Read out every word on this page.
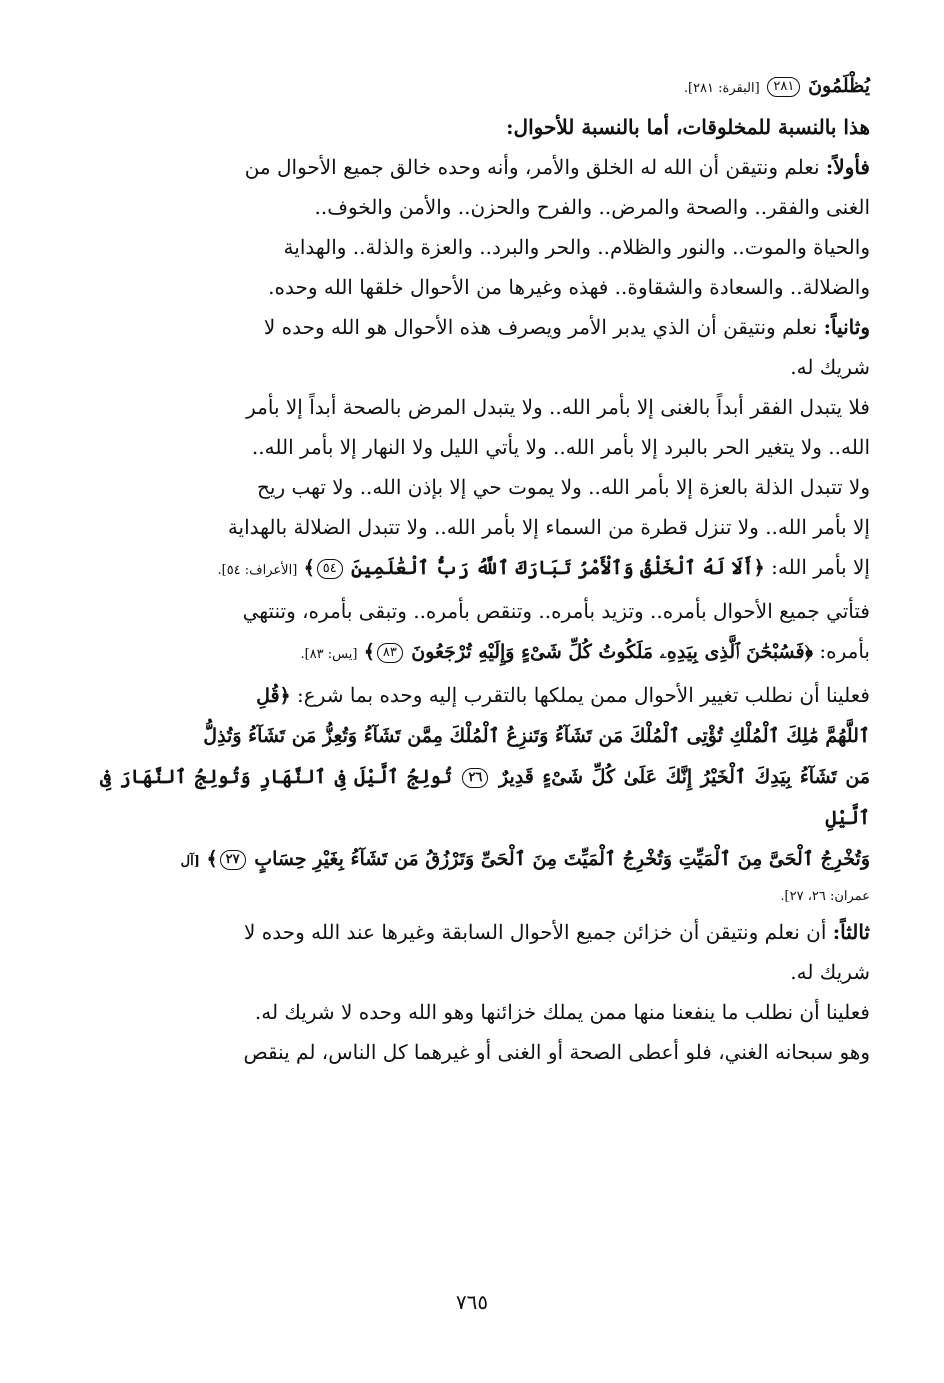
يُظْلَمُونَ ٢٨١ [البقرة: ٢٨١].
هذا بالنسبة للمخلوقات، أما بالنسبة للأحوال:
فأولاً: نعلم ونتيقن أن الله له الخلق والأمر، وأنه وحده خالق جميع الأحوال من
الغنى والفقر.. والصحة والمرض.. والفرح والحزن.. والأمن والخوف..
والحياة والموت.. والنور والظلام.. والحر والبرد.. والعزة والذلة.. والهداية
والضلالة.. والسعادة والشقاوة.. فهذه وغيرها من الأحوال خلقها الله وحده.
وثانياً: نعلم ونتيقن أن الذي يدبر الأمر ويصرف هذه الأحوال هو الله وحده لا
شريك له.
فلا يتبدل الفقر أبداً بالغنى إلا بأمر الله.. ولا يتبدل المرض بالصحة أبداً إلا بأمر
الله.. ولا يتغير الحر بالبرد إلا بأمر الله.. ولا يأتي الليل ولا النهار إلا بأمر الله..
ولا تتبدل الذلة بالعزة إلا بأمر الله.. ولا يموت حي إلا بإذن الله.. ولا تهب ريح
إلا بأمر الله.. ولا تنزل قطرة من السماء إلا بأمر الله.. ولا تتبدل الضلالة بالهداية
إلا بأمر الله: ﴿أَلَا لَهُ ٱلْخَلْقُ وَٱلْأَمْرُ تَبَارَكَ ٱللَّهُ رَبُّ ٱلْعَٰلَمِينَ ٥٤﴾ [الأعراف: ٥٤].
فتأتي جميع الأحوال بأمره.. وتزيد بأمره.. وتنقص بأمره.. وتبقى بأمره، وتنتهي
بأمره: ﴿فَسُبْحَٰنَ ٱلَّذِى بِيَدِهِۦ مَلَكُوتُ كُلِّ شَىْءٍ وَإِلَيْهِ تُرْجَعُونَ ٨٣﴾ [يس: ٨٣].
فعلينا أن نطلب تغيير الأحوال ممن يملكها بالتقرب إليه وحده بما شرع: ﴿قُلِ
ٱللَّهُمَّ مَٰلِكَ ٱلْمُلْكِ تُؤْتِى ٱلْمُلْكَ مَن تَشَآءُ وَتَنزِعُ ٱلْمُلْكَ مِمَّن تَشَآءُ وَتُعِزُّ مَن تَشَآءُ وَتُذِلُّ
مَن تَشَآءُ بِيَدِكَ ٱلْخَيْرُ إِنَّكَ عَلَىٰ كُلِّ شَىْءٍ قَدِيرٌ ٢٦ تُولِجُ ٱلَّيْلَ فِى ٱلنَّهَارِ وَتُولِجُ ٱلنَّهَارَ فِى ٱلَّيْلِ
وَتُخْرِجُ ٱلْحَىَّ مِنَ ٱلْمَيِّتِ وَتُخْرِجُ ٱلْمَيِّتَ مِنَ ٱلْحَىِّ وَتَرْزُقُ مَن تَشَآءُ بِغَيْرِ حِسَابٍ ٢٧﴾ [آل
عمران: ٢٦، ٢٧].
ثالثاً: أن نعلم ونتيقن أن خزائن جميع الأحوال السابقة وغيرها عند الله وحده لا
شريك له.
فعلينا أن نطلب ما ينفعنا منها ممن يملك خزائنها وهو الله وحده لا شريك له.
وهو سبحانه الغني، فلو أعطى الصحة أو الغنى أو غيرهما كل الناس، لم ينقص
٧٦٥
